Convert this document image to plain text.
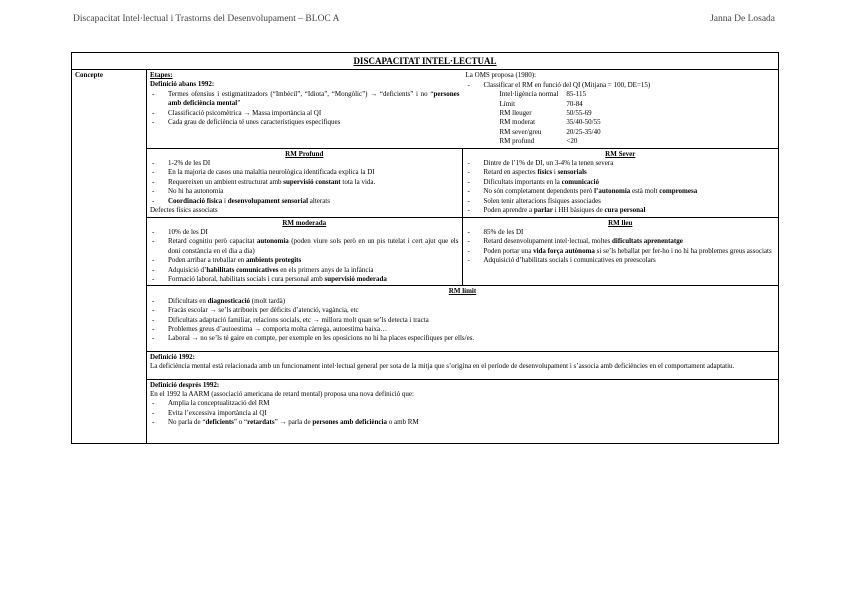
Discapacitat Intel·lectual i Trastorns del Desenvolupament – BLOC A	Janna De Losada
DISCAPACITAT INTEL·LECTUAL
Concepte	Etapes:
Definició abans 1992:
- Termes ofensius i estigmatitzadors (“Imbècil”, “Idiota”, “Mongòlic”) → “deficients” i no “persones amb deficiència mental”
- Classificació psicomètrica → Massa importància al QI
- Cada grau de deficiència té unes característiques específiques
La OMS proposa (1980):
- Classificar el RM en funció del QI (Mitjana = 100, DE=15)
Intel·ligència normal	85-115
Límit	70-84
RM lleuger	50/55-69
RM moderat	35/40-50/55
RM sever/greu	20/25-35/40
RM profund	<20
RM Profund
- 1-2% de les DI
- En la majoria de casos una malaltia neurològica identificada explica la DI
- Requereixen un ambient estructurat amb supervisió constant tota la vida.
- No hi ha autonomia
- Coordinació física i desenvolupament sensorial alterats
Defectes físics associats
RM Sever
- Dintre de l’1% de DI, un 3-4% la tenen severa
- Retard en aspectes físics i sensorials
- Dificultats importants en la comunicació
- No són completament dependents però l’autonomia està molt compromesa
- Solen tenir alteracions físiques associades
- Poden aprendre a parlar i HH bàsiques de cura personal
RM moderada
- 10% de les DI
- Retard cognitiu però capacitat autonomia (poden viure sols però en un pis tutelat i cert ajut que els doni constància en el dia a dia)
- Poden arribar a treballar en ambients protegits
- Adquisició d’habilitats comunicatives en els primers anys de la infància
- Formació laboral, habilitats socials i cura personal amb supervisió moderada
RM lleu
- 85% de les DI
- Retard desenvolupament intel·lectual, moltes dificultats aprenentatge
- Poden portar una vida força autònoma si se’ls heballat per fer-ho i no hi ha problemes greus associats
- Adquisició d’habilitats socials i comunicatives en preescolars
RM límit
- Dificultats en diagnosticació (molt tardà)
- Fracàs escolar → se’ls atribueix per dèficits d’atenció, vagància, etc
- Dificultats adaptació familiar, relacions socials, etc → millora molt quan se’ls detecta i tracta
- Problemes greus d’autoestima → comporta molta càrrega, autoestima baixa…
- Laboral → no se’ls té gaire en compte, per exemple en les oposicions no hi ha places específiques per ells/es.
Definició 1992:
La deficiència mental està relacionada amb un funcionament intel·lectual general per sota de la mitja que s’origina en el període de desenvolupament i s’associa amb deficiències en el comportament adaptatiu.
Definició després 1992:
En el 1992 la AARM (associació americana de retard mental) proposa una nova definició que:
- Amplia la conceptualització del RM
- Evita l’excessiva importància al QI
- No parla de “deficients” o “retardats” → parla de persones amb deficiència o amb RM
